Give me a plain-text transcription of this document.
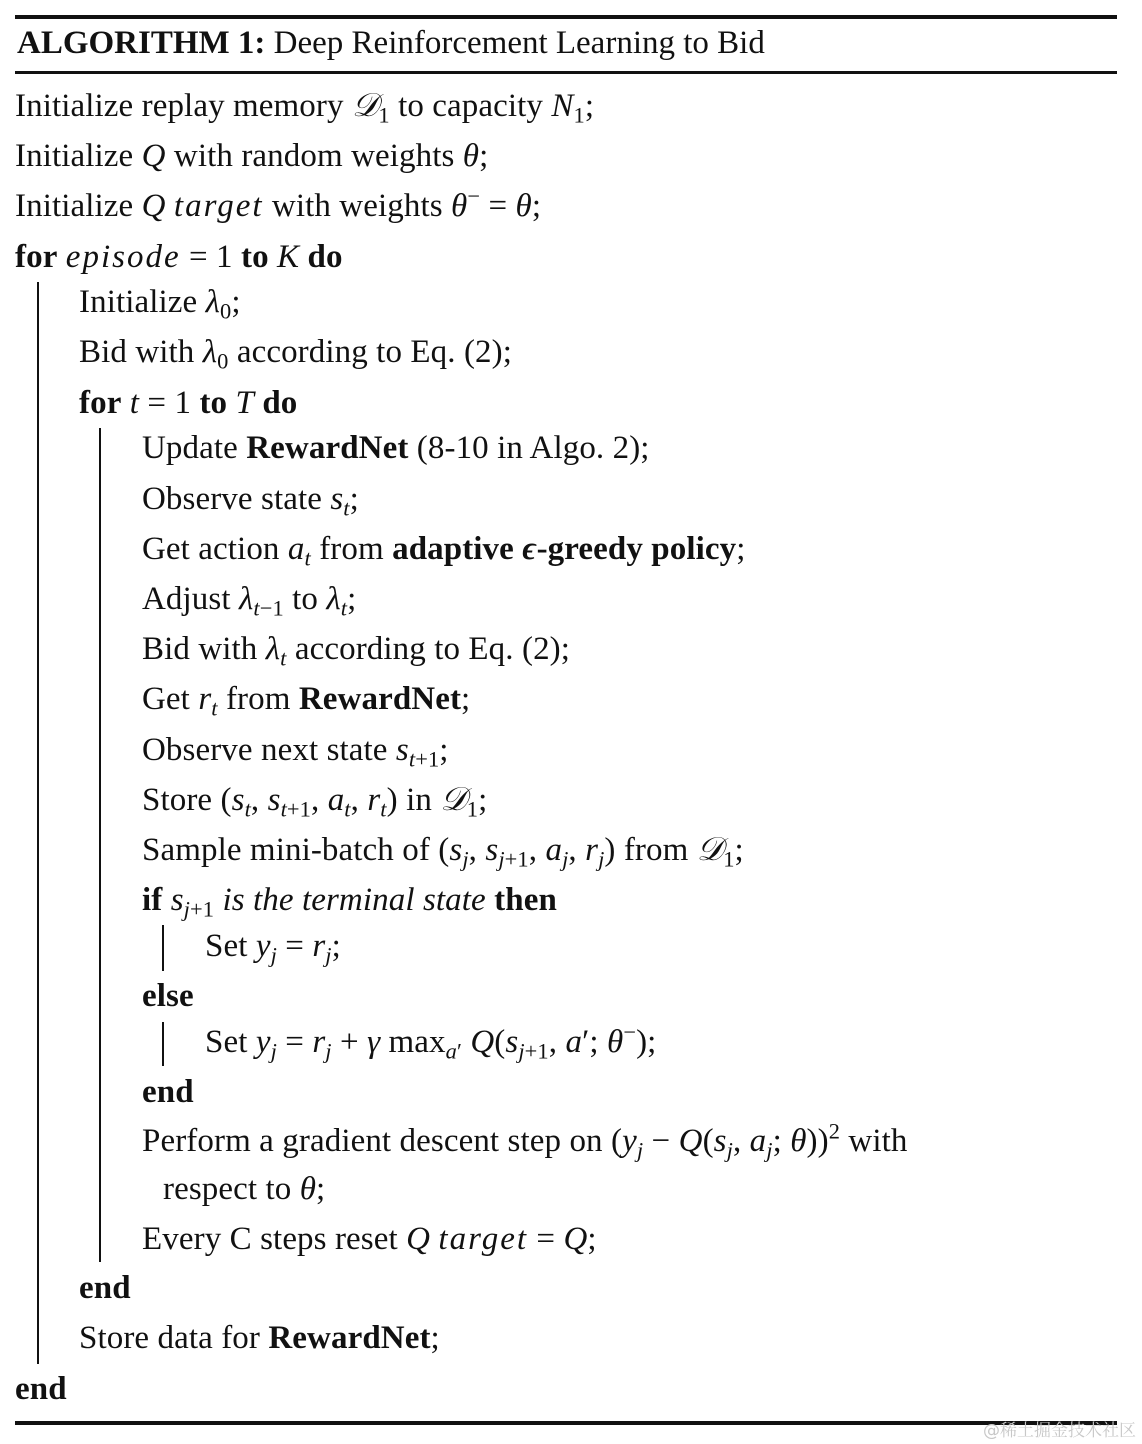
ALGORITHM 1: Deep Reinforcement Learning to Bid
Initialize replay memory 𝒟$_1$ to capacity $N_1$;
Initialize Q with random weights θ;
Initialize Q target with weights θ− = θ;
for episode = 1 to K do
Initialize $\lambda_0$;
Bid with $\lambda_0$ according to Eq. (2);
for t = 1 to T do
Update RewardNet (8-10 in Algo. 2);
Observe state $s_t$;
Get action $a_t$ from adaptive ϵ-greedy policy;
Adjust $\lambda_{t-1}$ to $\lambda_t$;
Bid with $\lambda_t$ according to Eq. (2);
Get $r_t$ from RewardNet;
Observe next state $s_{t+1}$;
Store ($s_t$, $s_{t+1}$, $a_t$, $r_t$) in 𝒟$_1$;
Sample mini-batch of ($s_j$, $s_{j+1}$, $a_j$, $r_j$) from 𝒟$_1$;
if $s_{j+1}$ is the terminal state then
Set $y_j = r_j$;
else
Set $y_j = r_j + \gamma$ $\max_{a'} Q(s_{j+1}$, a′; θ−);
end
Perform a gradient descent step on ($y_j - Q(s_j$, $a_j$; θ))$^2$ with
respect to θ;
Every C steps reset Q target = Q;
end
Store data for RewardNet;
end
@稀土掘金技术社区
